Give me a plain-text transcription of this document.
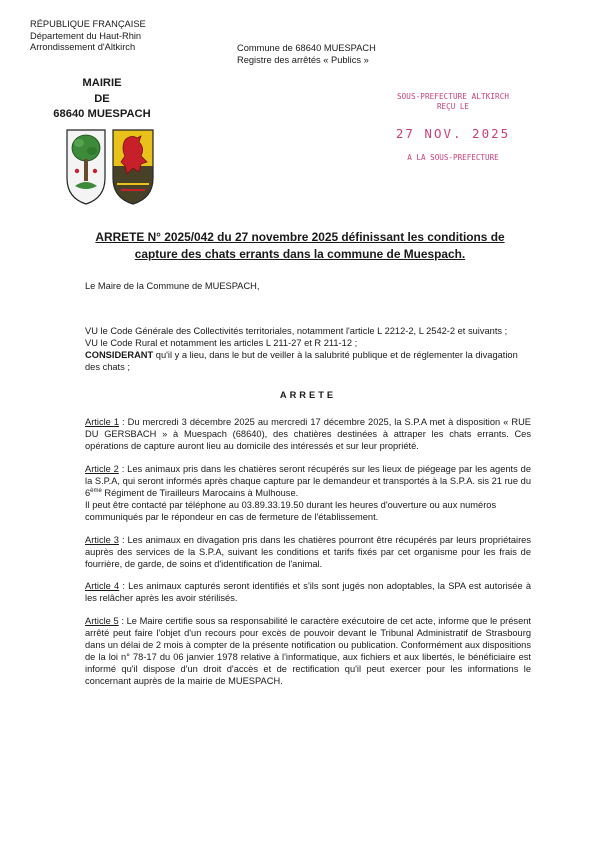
RÉPUBLIQUE FRANÇAISE
Département du Haut-Rhin
Arrondissement d'Altkirch
MAIRIE
DE
68640 MUESPACH
Commune de 68640 MUESPACH
Registre des arrêtés « Publics »
SOUS-PREFECTURE ALTKIRCH
REÇU LE
27 NOV. 2025
A LA SOUS-PREFECTURE
ARRETE N° 2025/042 du 27 novembre 2025 définissant les conditions de
capture des chats errants dans la commune de Muespach.

Le Maire de la Commune de MUESPACH,

VU le Code Générale des Collectivités territoriales, notamment l'article L 2212-2, L 2542-2 et suivants ;

VU le Code Rural et notamment les articles L 211-27 et R 211-12 ;

CONSIDERANT qu'il y a lieu, dans le but de veiller à la salubrité publique et de réglementer la divagation des chats ;

ARRETE

Article 1 : Du mercredi 3 décembre 2025 au mercredi 17 décembre 2025, la S.P.A met à disposition « RUE DU GERSBACH » à Muespach (68640), des chatières destinées à attraper les chats errants. Ces opérations de capture auront lieu au domicile des intéressés et sur leur propriété.

Article 2 : Les animaux pris dans les chatières seront récupérés sur les lieux de piégeage par les agents de la S.P.A, qui seront informés après chaque capture par le demandeur et transportés à la S.P.A. sis 21 rue du 6ème Régiment de Tirailleurs Marocains à Mulhouse.

Il peut être contacté par téléphone au 03.89.33.19.50 durant les heures d'ouverture ou aux numéros communiqués par le répondeur en cas de fermeture de l'établissement.

Article 3 : Les animaux en divagation pris dans les chatières pourront être récupérés par leurs propriétaires auprès des services de la S.P.A, suivant les conditions et tarifs fixés par cet organisme pour les frais de fourrière, de garde, de soins et d'identification de l'animal.

Article 4 : Les animaux capturés seront identifiés et s'ils sont jugés non adoptables, la SPA est autorisée à les relâcher après les avoir stérilisés.

Article 5 : Le Maire certifie sous sa responsabilité le caractère exécutoire de cet acte, informe que le présent arrêté peut faire l'objet d'un recours pour excès de pouvoir devant le Tribunal Administratif de Strasbourg dans un délai de 2 mois à compter de la présente notification ou publication. Conformément aux dispositions de la loi n° 78-17 du 06 janvier 1978 relative à l'informatique, aux fichiers et aux libertés, le bénéficiaire est informé qu'il dispose d'un droit d'accès et de rectification qu'il peut exercer pour les informations le concernant auprès de la mairie de MUESPACH.
